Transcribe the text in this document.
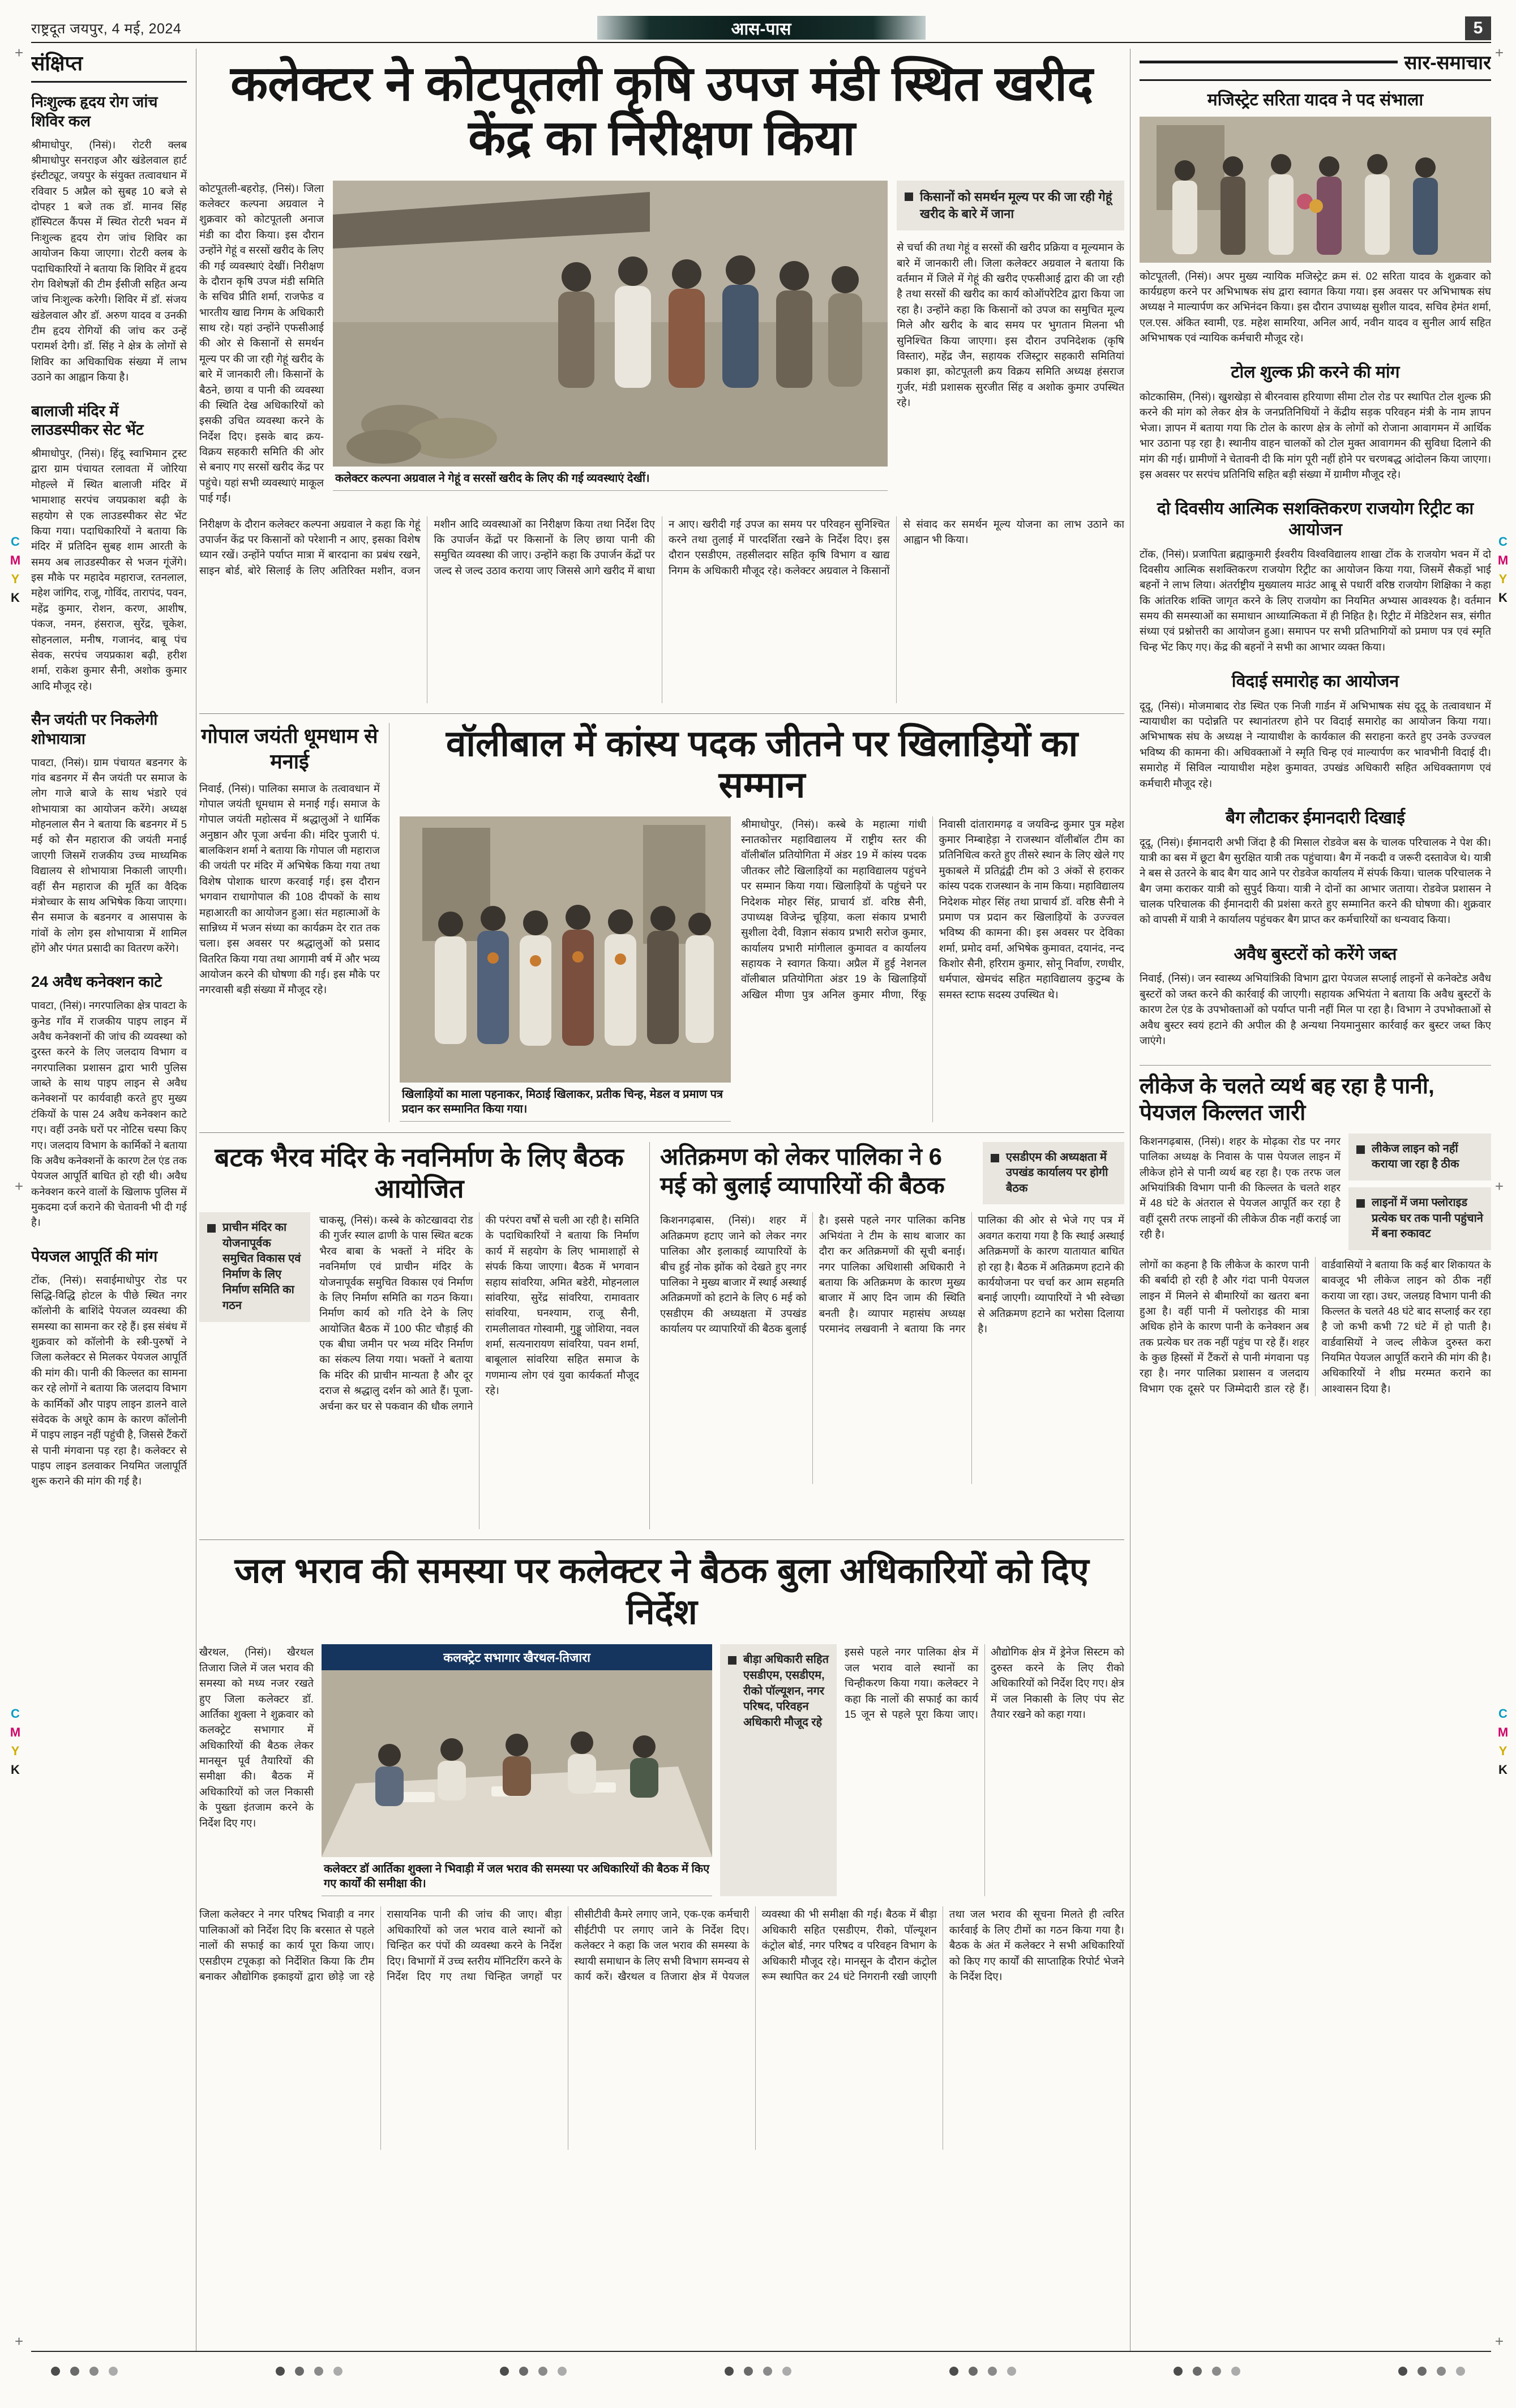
C
M
Y
K
C
M
Y
K
C
M
Y
K
C
M
Y
K
+	+
+	+
+	+
राष्ट्रदूत जयपुर, 4 मई, 2024	आस-पास	5
संक्षिप्त
निःशुल्क हृदय रोग जांच शिविर कल

श्रीमाधोपुर, (निसं)। रोटरी क्लब श्रीमाधोपुर सनराइज और खंडेलवाल हार्ट इंस्टीट्यूट, जयपुर के संयुक्त तत्वावधान में रविवार 5 अप्रैल को सुबह 10 बजे से दोपहर 1 बजे तक डॉ. मानव सिंह हॉस्पिटल कैंपस में स्थित रोटरी भवन में निःशुल्क हृदय रोग जांच शिविर का आयोजन किया जाएगा। रोटरी क्लब के पदाधिकारियों ने बताया कि शिविर में हृदय रोग विशेषज्ञों की टीम ईसीजी सहित अन्य जांच निःशुल्क करेगी। शिविर में डॉ. संजय खंडेलवाल और डॉ. अरुण यादव व उनकी टीम हृदय रोगियों की जांच कर उन्हें परामर्श देगी। डॉ. सिंह ने क्षेत्र के लोगों से शिविर का अधिकाधिक संख्या में लाभ उठाने का आह्वान किया है।

बालाजी मंदिर में लाउडस्पीकर सेट भेंट

श्रीमाधोपुर, (निसं)। हिंदू स्वाभिमान ट्रस्ट द्वारा ग्राम पंचायत रलावता में जोरिया मोहल्ले में स्थित बालाजी मंदिर में भामाशाह सरपंच जयप्रकाश बढ़ी के सहयोग से एक लाउडस्पीकर सेट भेंट किया गया। पदाधिकारियों ने बताया कि मंदिर में प्रतिदिन सुबह शाम आरती के समय अब लाउडस्पीकर से भजन गूंजेंगे। इस मौके पर महादेव महाराज, रतनलाल, महेश जांगिद, राजू, गोविंद, तारापंद, पवन, महेंद्र कुमार, रोशन, करण, आशीष, पंकज, नमन, हंसराज, सुरेंद्र, चूकेश, सोहनलाल, मनीष, गजानंद, बाबू पंच सेवक, सरपंच जयप्रकाश बढ़ी, हरीश शर्मा, राकेश कुमार सैनी, अशोक कुमार आदि मौजूद रहे।

सैन जयंती पर निकलेगी शोभायात्रा

पावटा, (निसं)। ग्राम पंचायत बडनगर के गांव बडनगर में सैन जयंती पर समाज के लोग गाजे बाजे के साथ भंडारे एवं शोभायात्रा का आयोजन करेंगे। अध्यक्ष मोहनलाल सैन ने बताया कि बडनगर में 5 मई को सैन महाराज की जयंती मनाई जाएगी जिसमें राजकीय उच्च माध्यमिक विद्यालय से शोभायात्रा निकाली जाएगी। वहीं सैन महाराज की मूर्ति का वैदिक मंत्रोच्चार के साथ अभिषेक किया जाएगा। सैन समाज के बडनगर व आसपास के गांवों के लोग इस शोभायात्रा में शामिल होंगे और पंगत प्रसादी का वितरण करेंगे।

24 अवैध कनेक्शन काटे

पावटा, (निसं)। नगरपालिका क्षेत्र पावटा के कुनेड गाँव में राजकीय पाइप लाइन में अवैध कनेक्शनों की जांच की व्यवस्था को दुरस्त करने के लिए जलदाय विभाग व नगरपालिका प्रशासन द्वारा भारी पुलिस जाब्ते के साथ पाइप लाइन से अवैध कनेक्शनों पर कार्यवाही करते हुए मुख्य टंकियों के पास 24 अवैध कनेक्शन काटे गए। वहीं उनके घरों पर नोटिस चस्पा किए गए। जलदाय विभाग के कार्मिकों ने बताया कि अवैध कनेक्शनों के कारण टेल एंड तक पेयजल आपूर्ति बाधित हो रही थी। अवैध कनेक्शन करने वालों के खिलाफ पुलिस में मुकदमा दर्ज कराने की चेतावनी भी दी गई है।

पेयजल आपूर्ति की मांग

टोंक, (निसं)। सवाईमाधोपुर रोड पर सिद्धि-विद्धि होटल के पीछे स्थित नगर कॉलोनी के बाशिंदे पेयजल व्यवस्था की समस्या का सामना कर रहे हैं। इस संबंध में शुक्रवार को कॉलोनी के स्त्री-पुरुषों ने जिला कलेक्टर से मिलकर पेयजल आपूर्ति की मांग की। पानी की किल्लत का सामना कर रहे लोगों ने बताया कि जलदाय विभाग के कार्मिकों और पाइप लाइन डालने वाले संवेदक के अधूरे काम के कारण कॉलोनी में पाइप लाइन नहीं पहुंची है, जिससे टैंकरों से पानी मंगवाना पड़ रहा है। कलेक्टर से पाइप लाइन डलवाकर नियमित जलापूर्ति शुरू कराने की मांग की गई है।

कलेक्टर ने कोटपूतली कृषि उपज मंडी स्थित खरीद केंद्र का निरीक्षण किया

कोटपूतली-बहरोड़, (निसं)। जिला कलेक्टर कल्पना अग्रवाल ने शुक्रवार को कोटपूतली अनाज मंडी का दौरा किया। इस दौरान उन्होंने गेहूं व सरसों खरीद के लिए की गई व्यवस्थाएं देखीं। निरीक्षण के दौरान कृषि उपज मंडी समिति के सचिव प्रीति शर्मा, राजफेड व भारतीय खाद्य निगम के अधिकारी साथ रहे। यहां उन्होंने एफसीआई की ओर से किसानों से समर्थन मूल्य पर की जा रही गेहूं खरीद के बारे में जानकारी ली। किसानों के बैठने, छाया व पानी की व्यवस्था की स्थिति देख अधिकारियों को इसकी उचित व्यवस्था करने के निर्देश दिए। इसके बाद क्रय-विक्रय सहकारी समिति की ओर से बनाए गए सरसों खरीद केंद्र पर पहुंचे। यहां सभी व्यवस्थाएं माकूल पाई गईं।

कलेक्टर कल्पना अग्रवाल ने गेहूं व सरसों खरीद के लिए की गई व्यवस्थाएं देखीं।
किसानों को समर्थन मूल्य पर की जा रही गेहूं खरीद के बारे में जाना

से चर्चा की तथा गेहूं व सरसों की खरीद प्रक्रिया व मूल्यमान के बारे में जानकारी ली। जिला कलेक्टर अग्रवाल ने बताया कि वर्तमान में जिले में गेहूं की खरीद एफसीआई द्वारा की जा रही है तथा सरसों की खरीद का कार्य कोऑपरेटिव द्वारा किया जा रहा है। उन्होंने कहा कि किसानों को उपज का समुचित मूल्य मिले और खरीद के बाद समय पर भुगतान मिलना भी सुनिश्चित किया जाएगा। इस दौरान उपनिदेशक (कृषि विस्तार), महेंद्र जैन, सहायक रजिस्ट्रार सहकारी समितियां प्रकाश झा, कोटपूतली क्रय विक्रय समिति अध्यक्ष हंसराज गुर्जर, मंडी प्रशासक सुरजीत सिंह व अशोक कुमार उपस्थित रहे।

निरीक्षण के दौरान कलेक्टर कल्पना अग्रवाल ने कहा कि गेहूं उपार्जन केंद्र पर किसानों को परेशानी न आए, इसका विशेष ध्यान रखें। उन्होंने पर्याप्त मात्रा में बारदाना का प्रबंध रखने, साइन बोर्ड, बोरे सिलाई के लिए अतिरिक्त मशीन, वजन मशीन आदि व्यवस्थाओं का निरीक्षण किया तथा निर्देश दिए कि उपार्जन केंद्रों पर किसानों के लिए छाया पानी की समुचित व्यवस्था की जाए। उन्होंने कहा कि उपार्जन केंद्रों पर जल्द से जल्द उठाव कराया जाए जिससे आगे खरीद में बाधा न आए। खरीदी गई उपज का समय पर परिवहन सुनिश्चित करने तथा तुलाई में पारदर्शिता रखने के निर्देश दिए। इस दौरान एसडीएम, तहसीलदार सहित कृषि विभाग व खाद्य निगम के अधिकारी मौजूद रहे। कलेक्टर अग्रवाल ने किसानों से संवाद कर समर्थन मूल्य योजना का लाभ उठाने का आह्वान भी किया।

गोपाल जयंती धूमधाम से मनाई

निवाई, (निसं)। पालिका समाज के तत्वावधान में गोपाल जयंती धूमधाम से मनाई गई। समाज के गोपाल जयंती महोत्सव में श्रद्धालुओं ने धार्मिक अनुष्ठान और पूजा अर्चना की। मंदिर पुजारी पं. बालकिशन शर्मा ने बताया कि गोपाल जी महाराज की जयंती पर मंदिर में अभिषेक किया गया तथा विशेष पोशाक धारण करवाई गई। इस दौरान भगवान राधागोपाल की 108 दीपकों के साथ महाआरती का आयोजन हुआ। संत महात्माओं के सान्निध्य में भजन संध्या का कार्यक्रम देर रात तक चला। इस अवसर पर श्रद्धालुओं को प्रसाद वितरित किया गया तथा आगामी वर्ष में और भव्य आयोजन करने की घोषणा की गई। इस मौके पर नगरवासी बड़ी संख्या में मौजूद रहे।

वॉलीबाल में कांस्य पदक जीतने पर खिलाड़ियों का सम्मान
खिलाड़ियों का माला पहनाकर, मिठाई खिलाकर, प्रतीक चिन्ह, मेडल व प्रमाण पत्र प्रदान कर सम्मानित किया गया।

श्रीमाधोपुर, (निसं)। कस्बे के महात्मा गांधी स्नातकोत्तर महाविद्यालय में राष्ट्रीय स्तर की वॉलीबॉल प्रतियोगिता में अंडर 19 में कांस्य पदक जीतकर लौटे खिलाड़ियों का महाविद्यालय पहुंचने पर सम्मान किया गया। खिलाड़ियों के पहुंचने पर निदेशक मोहर सिंह, प्राचार्य डॉ. वरिष्ठ सैनी, उपाध्यक्ष विजेन्द्र चूड़िया, कला संकाय प्रभारी सुशीला देवी, विज्ञान संकाय प्रभारी सरोज कुमार, कार्यालय प्रभारी मांगीलाल कुमावत व कार्यालय सहायक ने स्वागत किया। अप्रैल में हुई नेशनल वॉलीबाल प्रतियोगिता अंडर 19 के खिलाड़ियों अखिल मीणा पुत्र अनिल कुमार मीणा, रिंकू निवासी दांतारामगढ़ व जयविन्द्र कुमार पुत्र महेश कुमार निम्बाहेड़ा ने राजस्थान वॉलीबॉल टीम का प्रतिनिधित्व करते हुए तीसरे स्थान के लिए खेले गए मुकाबले में प्रतिद्वंद्वी टीम को 3 अंकों से हराकर कांस्य पदक राजस्थान के नाम किया। महाविद्यालय निदेशक मोहर सिंह तथा प्राचार्य डॉ. वरिष्ठ सैनी ने प्रमाण पत्र प्रदान कर खिलाड़ियों के उज्ज्वल भविष्य की कामना की। इस अवसर पर देविका शर्मा, प्रमोद वर्मा, अभिषेक कुमावत, दयानंद, नन्द किशोर सैनी, हरिराम कुमार, सोनू निर्वाण, रणधीर, धर्मपाल, खेमचंद सहित महाविद्यालय कुटुम्ब के समस्त स्टाफ सदस्य उपस्थित थे।

बटक भैरव मंदिर के नवनिर्माण के लिए बैठक आयोजित
प्राचीन मंदिर का योजनापूर्वक समुचित विकास एवं निर्माण के लिए निर्माण समिति का गठन

चाकसू, (निसं)। कस्बे के कोटखावदा रोड की गुर्जर स्याल ढाणी के पास स्थित बटक भैरव बाबा के भक्तों ने मंदिर के नवनिर्माण एवं प्राचीन मंदिर के योजनापूर्वक समुचित विकास एवं निर्माण के लिए निर्माण समिति का गठन किया। निर्माण कार्य को गति देने के लिए आयोजित बैठक में 100 फीट चौड़ाई की एक बीघा जमीन पर भव्य मंदिर निर्माण का संकल्प लिया गया। भक्तों ने बताया कि मंदिर की प्राचीन मान्यता है और दूर दराज से श्रद्धालु दर्शन को आते हैं। पूजा-अर्चना कर घर से पकवान की धौक लगाने की परंपरा वर्षों से चली आ रही है। समिति के पदाधिकारियों ने बताया कि निर्माण कार्य में सहयोग के लिए भामाशाहों से संपर्क किया जाएगा। बैठक में भगवान सहाय सांवरिया, अमित बडेरी, मोहनलाल सांवरिया, सुरेंद्र सांवरिया, रामावतार सांवरिया, घनश्याम, राजू सैनी, रामलीलावत गोस्वामी, गुड्डू जोशिया, नवल शर्मा, सत्यनारायण सांवरिया, पवन शर्मा, बाबूलाल सांवरिया सहित समाज के गणमान्य लोग एवं युवा कार्यकर्ता मौजूद रहे।

अतिक्रमण को लेकर पालिका ने 6 मई को बुलाई व्यापारियों की बैठक
एसडीएम की अध्यक्षता में उपखंड कार्यालय पर होगी बैठक

किशनगढ़बास, (निसं)। शहर में अतिक्रमण हटाए जाने को लेकर नगर पालिका और इलाकाई व्यापारियों के बीच हुई नोक झोंक को देखते हुए नगर पालिका ने मुख्य बाजार में स्थाई अस्थाई अतिक्रमणों को हटाने के लिए 6 मई को एसडीएम की अध्यक्षता में उपखंड कार्यालय पर व्यापारियों की बैठक बुलाई है। इससे पहले नगर पालिका कनिष्ठ अभियंता ने टीम के साथ बाजार का दौरा कर अतिक्रमणों की सूची बनाई। नगर पालिका अधिशासी अधिकारी ने बताया कि अतिक्रमण के कारण मुख्य बाजार में आए दिन जाम की स्थिति बनती है। व्यापार महासंघ अध्यक्ष परमानंद लखवानी ने बताया कि नगर पालिका की ओर से भेजे गए पत्र में अवगत कराया गया है कि स्थाई अस्थाई अतिक्रमणों के कारण यातायात बाधित हो रहा है। बैठक में अतिक्रमण हटाने की कार्ययोजना पर चर्चा कर आम सहमति बनाई जाएगी। व्यापारियों ने भी स्वेच्छा से अतिक्रमण हटाने का भरोसा दिलाया है।

जल भराव की समस्या पर कलेक्टर ने बैठक बुला अधिकारियों को दिए निर्देश

खैरथल, (निसं)। खैरथल तिजारा जिले में जल भराव की समस्या को मध्य नजर रखते हुए जिला कलेक्टर डॉ. आर्तिका शुक्ला ने शुक्रवार को कलक्ट्रेट सभागार में अधिकारियों की बैठक लेकर मानसून पूर्व तैयारियों की समीक्षा की। बैठक में अधिकारियों को जल निकासी के पुख्ता इंतजाम करने के निर्देश दिए गए।

कलक्ट्रेट सभागार खैरथल-तिजारा
कलेक्टर डॉ आर्तिका शुक्ला ने भिवाड़ी में जल भराव की समस्या पर अधिकारियों की बैठक में किए गए कार्यों की समीक्षा की।
बीड़ा अधिकारी सहित एसडीएम, एसडीएम, रीको पॉल्यूशन, नगर परिषद, परिवहन अधिकारी मौजूद रहे

इससे पहले नगर पालिका क्षेत्र में जल भराव वाले स्थानों का चिन्हीकरण किया गया। कलेक्टर ने कहा कि नालों की सफाई का कार्य 15 जून से पहले पूरा किया जाए। औद्योगिक क्षेत्र में ड्रेनेज सिस्टम को दुरुस्त करने के लिए रीको अधिकारियों को निर्देश दिए गए। क्षेत्र में जल निकासी के लिए पंप सेट तैयार रखने को कहा गया।

जिला कलेक्टर ने नगर परिषद भिवाड़ी व नगर पालिकाओं को निर्देश दिए कि बरसात से पहले नालों की सफाई का कार्य पूरा किया जाए। एसडीएम टपूकड़ा को निर्देशित किया कि टीम बनाकर औद्योगिक इकाइयों द्वारा छोड़े जा रहे रासायनिक पानी की जांच की जाए। बीड़ा अधिकारियों को जल भराव वाले स्थानों को चिन्हित कर पंपों की व्यवस्था करने के निर्देश दिए। विभागों में उच्च स्तरीय मॉनिटरिंग करने के निर्देश दिए गए तथा चिन्हित जगहों पर सीसीटीवी कैमरे लगाए जाने, एक-एक कर्मचारी सीईटीपी पर लगाए जाने के निर्देश दिए। कलेक्टर ने कहा कि जल भराव की समस्या के स्थायी समाधान के लिए सभी विभाग समन्वय से कार्य करें। खैरथल व तिजारा क्षेत्र में पेयजल व्यवस्था की भी समीक्षा की गई। बैठक में बीड़ा अधिकारी सहित एसडीएम, रीको, पॉल्यूशन कंट्रोल बोर्ड, नगर परिषद व परिवहन विभाग के अधिकारी मौजूद रहे। मानसून के दौरान कंट्रोल रूम स्थापित कर 24 घंटे निगरानी रखी जाएगी तथा जल भराव की सूचना मिलते ही त्वरित कार्रवाई के लिए टीमों का गठन किया गया है। बैठक के अंत में कलेक्टर ने सभी अधिकारियों को किए गए कार्यों की साप्ताहिक रिपोर्ट भेजने के निर्देश दिए।

सार-समाचार
मजिस्ट्रेट सरिता यादव ने पद संभाला

कोटपूतली, (निसं)। अपर मुख्य न्यायिक मजिस्ट्रेट क्रम सं. 02 सरिता यादव के शुक्रवार को कार्यग्रहण करने पर अभिभाषक संघ द्वारा स्वागत किया गया। इस अवसर पर अभिभाषक संघ अध्यक्ष ने माल्यार्पण कर अभिनंदन किया। इस दौरान उपाध्यक्ष सुशील यादव, सचिव हेमंत शर्मा, एल.एस. अंकित स्वामी, एड. महेश सामरिया, अनिल आर्य, नवीन यादव व सुनील आर्य सहित अभिभाषक एवं न्यायिक कर्मचारी मौजूद रहे।

टोल शुल्क फ्री करने की मांग

कोटकासिम, (निसं)। खुशखेड़ा से बीरनवास हरियाणा सीमा टोल रोड पर स्थापित टोल शुल्क फ्री करने की मांग को लेकर क्षेत्र के जनप्रतिनिधियों ने केंद्रीय सड़क परिवहन मंत्री के नाम ज्ञापन भेजा। ज्ञापन में बताया गया कि टोल के कारण क्षेत्र के लोगों को रोजाना आवागमन में आर्थिक भार उठाना पड़ रहा है। स्थानीय वाहन चालकों को टोल मुक्त आवागमन की सुविधा दिलाने की मांग की गई। ग्रामीणों ने चेतावनी दी कि मांग पूरी नहीं होने पर चरणबद्ध आंदोलन किया जाएगा। इस अवसर पर सरपंच प्रतिनिधि सहित बड़ी संख्या में ग्रामीण मौजूद रहे।

दो दिवसीय आत्मिक सशक्तिकरण राजयोग रिट्रीट का आयोजन

टोंक, (निसं)। प्रजापिता ब्रह्माकुमारी ईश्वरीय विश्वविद्यालय शाखा टोंक के राजयोग भवन में दो दिवसीय आत्मिक सशक्तिकरण राजयोग रिट्रीट का आयोजन किया गया, जिसमें सैकड़ों भाई बहनों ने लाभ लिया। अंतर्राष्ट्रीय मुख्यालय माउंट आबू से पधारीं वरिष्ठ राजयोग शिक्षिका ने कहा कि आंतरिक शक्ति जागृत करने के लिए राजयोग का नियमित अभ्यास आवश्यक है। वर्तमान समय की समस्याओं का समाधान आध्यात्मिकता में ही निहित है। रिट्रीट में मेडिटेशन सत्र, संगीत संध्या एवं प्रश्नोत्तरी का आयोजन हुआ। समापन पर सभी प्रतिभागियों को प्रमाण पत्र एवं स्मृति चिन्ह भेंट किए गए। केंद्र की बहनों ने सभी का आभार व्यक्त किया।

विदाई समारोह का आयोजन

दूदू, (निसं)। मोजमाबाद रोड स्थित एक निजी गार्डन में अभिभाषक संघ दूदू के तत्वावधान में न्यायाधीश का पदोन्नति पर स्थानांतरण होने पर विदाई समारोह का आयोजन किया गया। अभिभाषक संघ के अध्यक्ष ने न्यायाधीश के कार्यकाल की सराहना करते हुए उनके उज्ज्वल भविष्य की कामना की। अधिवक्ताओं ने स्मृति चिन्ह एवं माल्यार्पण कर भावभीनी विदाई दी। समारोह में सिविल न्यायाधीश महेश कुमावत, उपखंड अधिकारी सहित अधिवक्तागण एवं कर्मचारी मौजूद रहे।

बैग लौटाकर ईमानदारी दिखाई

दूदू, (निसं)। ईमानदारी अभी जिंदा है की मिसाल रोडवेज बस के चालक परिचालक ने पेश की। यात्री का बस में छूटा बैग सुरक्षित यात्री तक पहुंचाया। बैग में नकदी व जरूरी दस्तावेज थे। यात्री ने बस से उतरने के बाद बैग याद आने पर रोडवेज कार्यालय में संपर्क किया। चालक परिचालक ने बैग जमा कराकर यात्री को सुपुर्द किया। यात्री ने दोनों का आभार जताया। रोडवेज प्रशासन ने चालक परिचालक की ईमानदारी की प्रशंसा करते हुए सम्मानित करने की घोषणा की। शुक्रवार को वापसी में यात्री ने कार्यालय पहुंचकर बैग प्राप्त कर कर्मचारियों का धन्यवाद किया।

अवैध बुस्टरों को करेंगे जब्त

निवाई, (निसं)। जन स्वास्थ्य अभियांत्रिकी विभाग द्वारा पेयजल सप्लाई लाइनों से कनेक्टेड अवैध बुस्टरों को जब्त करने की कार्रवाई की जाएगी। सहायक अभियंता ने बताया कि अवैध बुस्टरों के कारण टेल एंड के उपभोक्ताओं को पर्याप्त पानी नहीं मिल पा रहा है। विभाग ने उपभोक्ताओं से अवैध बुस्टर स्वयं हटाने की अपील की है अन्यथा नियमानुसार कार्रवाई कर बुस्टर जब्त किए जाएंगे।

लीकेज के चलते व्यर्थ बह रहा है पानी, पेयजल किल्लत जारी

किशनगढ़बास, (निसं)। शहर के मोढ़का रोड पर नगर पालिका अध्यक्ष के निवास के पास पेयजल लाइन में लीकेज होने से पानी व्यर्थ बह रहा है। एक तरफ जल अभियांत्रिकी विभाग पानी की किल्लत के चलते शहर में 48 घंटे के अंतराल से पेयजल आपूर्ति कर रहा है वहीं दूसरी तरफ लाइनों की लीकेज ठीक नहीं कराई जा रही है।

लीकेज लाइन को नहीं कराया जा रहा है ठीक
लाइनों में जमा फ्लोराइड प्रत्येक घर तक पानी पहुंचाने में बना रुकावट

लोगों का कहना है कि लीकेज के कारण पानी की बर्बादी हो रही है और गंदा पानी पेयजल लाइन में मिलने से बीमारियों का खतरा बना हुआ है। वहीं पानी में फ्लोराइड की मात्रा अधिक होने के कारण पानी के कनेक्शन अब तक प्रत्येक घर तक नहीं पहुंच पा रहे हैं। शहर के कुछ हिस्सों में टैंकरों से पानी मंगवाना पड़ रहा है। नगर पालिका प्रशासन व जलदाय विभाग एक दूसरे पर जिम्मेदारी डाल रहे हैं। वार्डवासियों ने बताया कि कई बार शिकायत के बावजूद भी लीकेज लाइन को ठीक नहीं कराया जा रहा। उधर, जलग्रह विभाग पानी की किल्लत के चलते 48 घंटे बाद सप्लाई कर रहा है जो कभी कभी 72 घंटे में हो पाती है। वार्डवासियों ने जल्द लीकेज दुरुस्त करा नियमित पेयजल आपूर्ति कराने की मांग की है। अधिकारियों ने शीघ्र मरम्मत कराने का आश्वासन दिया है।
